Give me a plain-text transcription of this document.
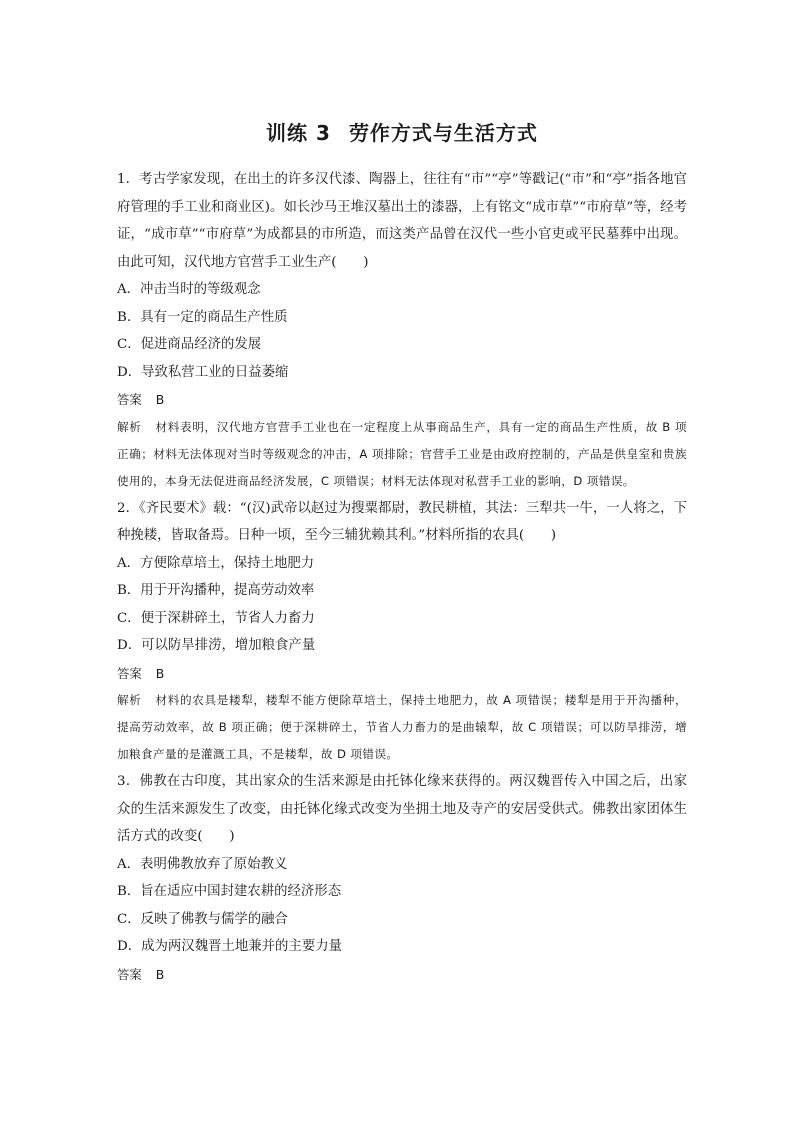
训练 3 劳作方式与生活方式

1．考古学家发现，在出土的许多汉代漆、陶器上，往往有“市”“亭”等戳记(“市”和“亭”指各地官府管理的手工业和商业区)。如长沙马王堆汉墓出土的漆器，上有铭文“成市草”“市府草”等，经考证，“成市草”“市府草”为成都县的市所造，而这类产品曾在汉代一些小官吏或平民墓葬中出现。由此可知，汉代地方官营手工业生产(　　)

A．冲击当时的等级观念

B．具有一定的商品生产性质

C．促进商品经济的发展

D．导致私营工业的日益萎缩

答案 B

解析 材料表明，汉代地方官营手工业也在一定程度上从事商品生产，具有一定的商品生产性质，故 B 项正确；材料无法体现对当时等级观念的冲击，A 项排除；官营手工业是由政府控制的，产品是供皇室和贵族使用的，本身无法促进商品经济发展，C 项错误；材料无法体现对私营手工业的影响，D 项错误。

2．《齐民要术》载：“(汉)武帝以赵过为搜粟都尉，教民耕植，其法：三犁共一牛，一人将之，下种挽耧，皆取备焉。日种一顷，至今三辅犹赖其利。”材料所指的农具(　　)

A．方便除草培土，保持土地肥力

B．用于开沟播种，提高劳动效率

C．便于深耕碎土，节省人力畜力

D．可以防旱排涝，增加粮食产量

答案 B

解析 材料的农具是耧犁，耧犁不能方便除草培土，保持土地肥力，故 A 项错误；耧犁是用于开沟播种，提高劳动效率，故 B 项正确；便于深耕碎土，节省人力畜力的是曲辕犁，故 C 项错误；可以防旱排涝，增加粮食产量的是灌溉工具，不是耧犁，故 D 项错误。

3．佛教在古印度，其出家众的生活来源是由托钵化缘来获得的。两汉魏晋传入中国之后，出家众的生活来源发生了改变，由托钵化缘式改变为坐拥土地及寺产的安居受供式。佛教出家团体生活方式的改变(　　)

A．表明佛教放弃了原始教义

B．旨在适应中国封建农耕的经济形态

C．反映了佛教与儒学的融合

D．成为两汉魏晋土地兼并的主要力量

答案 B
